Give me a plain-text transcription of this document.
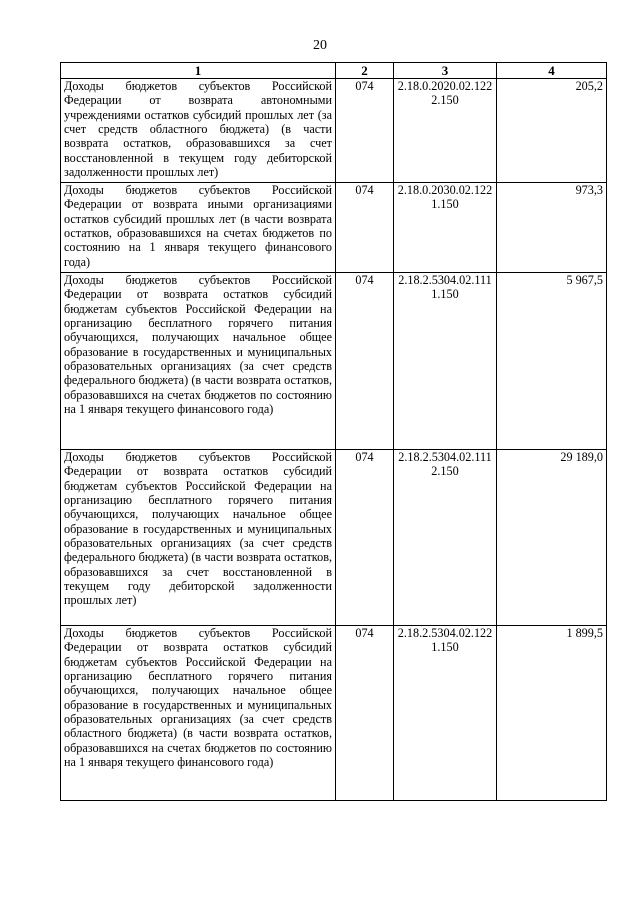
20
1	2	3	4
Доходы бюджетов субъектов Российской Федерации от возврата автономными учреждениями остатков субсидий прошлых лет (за счет средств областного бюджета) (в части возврата остатков, образовавшихся за счет восстановленной в текущем году дебиторской задолженности прошлых лет)	074	2.18.0.2020.02.1222.150	205,2
Доходы бюджетов субъектов Российской Федерации от возврата иными организациями остатков субсидий прошлых лет (в части возврата остатков, образовавшихся на счетах бюджетов по состоянию на 1 января текущего финансового года)	074	2.18.0.2030.02.1221.150	973,3
Доходы бюджетов субъектов Российской Федерации от возврата остатков субсидий бюджетам субъектов Российской Федерации на организацию бесплатного горячего питания обучающихся, получающих начальное общее образование в государственных и муниципальных образовательных организациях (за счет средств федерального бюджета) (в части возврата остатков, образовавшихся на счетах бюджетов по состоянию на 1 января текущего финансового года)	074	2.18.2.5304.02.1111.150	5 967,5
Доходы бюджетов субъектов Российской Федерации от возврата остатков субсидий бюджетам субъектов Российской Федерации на организацию бесплатного горячего питания обучающихся, получающих начальное общее образование в государственных и муниципальных образовательных организациях (за счет средств федерального бюджета) (в части возврата остатков, образовавшихся за счет восстановленной в текущем году дебиторской задолженности прошлых лет)	074	2.18.2.5304.02.1112.150	29 189,0
Доходы бюджетов субъектов Российской Федерации от возврата остатков субсидий бюджетам субъектов Российской Федерации на организацию бесплатного горячего питания обучающихся, получающих начальное общее образование в государственных и муниципальных образовательных организациях (за счет средств областного бюджета) (в части возврата остатков, образовавшихся на счетах бюджетов по состоянию на 1 января текущего финансового года)	074	2.18.2.5304.02.1221.150	1 899,5
